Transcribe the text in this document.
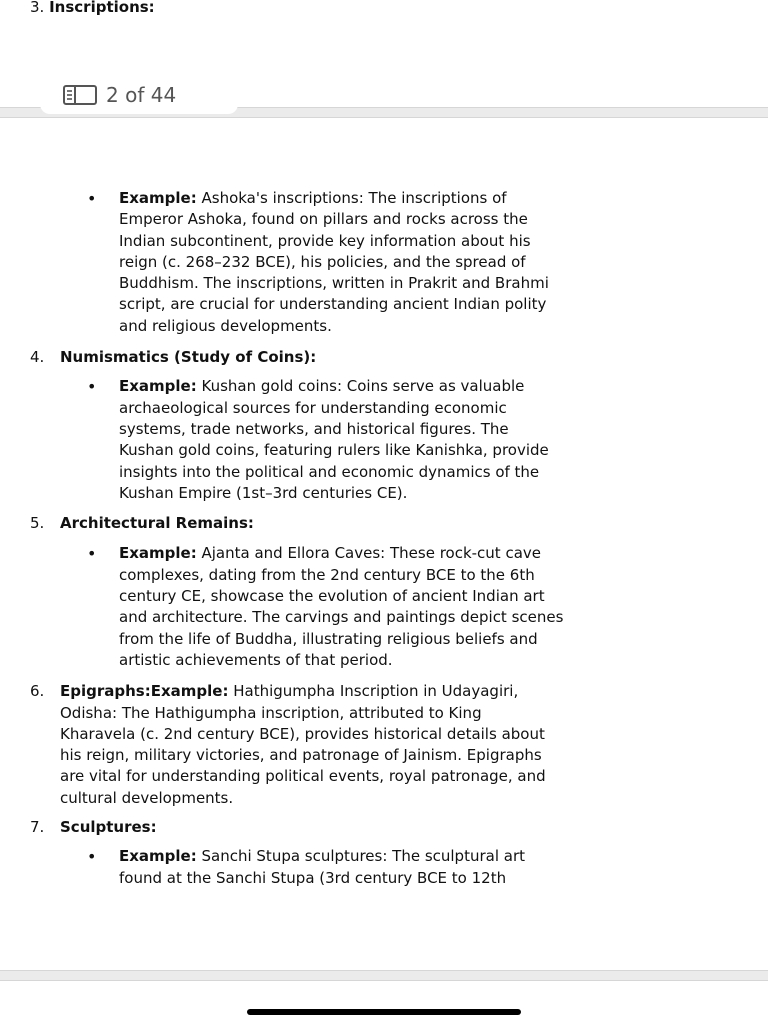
3. Inscriptions:
2 of 44
•	Example: Ashoka's inscriptions: The inscriptions of
Emperor Ashoka, found on pillars and rocks across the
Indian subcontinent, provide key information about his
reign (c. 268–232 BCE), his policies, and the spread of
Buddhism. The inscriptions, written in Prakrit and Brahmi
script, are crucial for understanding ancient Indian polity
and religious developments.
4. Numismatics (Study of Coins):
•	Example: Kushan gold coins: Coins serve as valuable
archaeological sources for understanding economic
systems, trade networks, and historical figures. The
Kushan gold coins, featuring rulers like Kanishka, provide
insights into the political and economic dynamics of the
Kushan Empire (1st–3rd centuries CE).
5. Architectural Remains:
•	Example: Ajanta and Ellora Caves: These rock-cut cave
complexes, dating from the 2nd century BCE to the 6th
century CE, showcase the evolution of ancient Indian art
and architecture. The carvings and paintings depict scenes
from the life of Buddha, illustrating religious beliefs and
artistic achievements of that period.
6.	Epigraphs:Example: Hathigumpha Inscription in Udayagiri,
Odisha: The Hathigumpha inscription, attributed to King
Kharavela (c. 2nd century BCE), provides historical details about
his reign, military victories, and patronage of Jainism. Epigraphs
are vital for understanding political events, royal patronage, and
cultural developments.
7. Sculptures:
•	Example: Sanchi Stupa sculptures: The sculptural art
found at the Sanchi Stupa (3rd century BCE to 12th
